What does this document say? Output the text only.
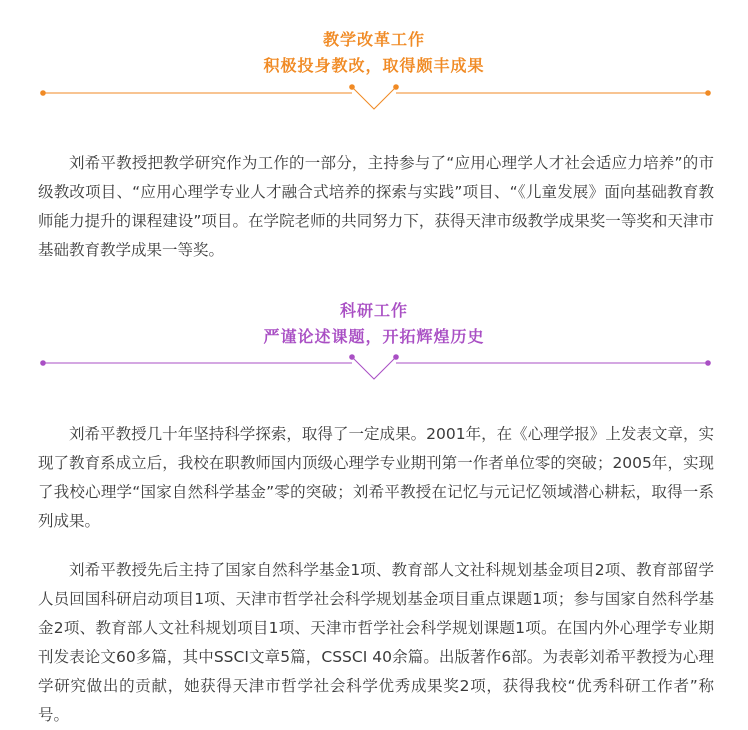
教学改革工作
积极投身教改，取得颇丰成果

刘希平教授把教学研究作为工作的一部分，主持参与了“应用心理学人才社会适应力培养”的市级教改项目、“应用心理学专业人才融合式培养的探索与实践”项目、“《儿童发展》面向基础教育教师能力提升的课程建设”项目。在学院老师的共同努力下，获得天津市级教学成果奖一等奖和天津市基础教育教学成果一等奖。

科研工作
严谨论述课题，开拓辉煌历史

刘希平教授几十年坚持科学探索，取得了一定成果。2001年，在《心理学报》上发表文章，实现了教育系成立后，我校在职教师国内顶级心理学专业期刊第一作者单位零的突破；2005年，实现了我校心理学“国家自然科学基金”零的突破；刘希平教授在记忆与元记忆领域潜心耕耘，取得一系列成果。

刘希平教授先后主持了国家自然科学基金1项、教育部人文社科规划基金项目2项、教育部留学人员回国科研启动项目1项、天津市哲学社会科学规划基金项目重点课题1项；参与国家自然科学基金2项、教育部人文社科规划项目1项、天津市哲学社会科学规划课题1项。在国内外心理学专业期刊发表论文60多篇，其中SSCI文章5篇，CSSCI 40余篇。出版著作6部。为表彰刘希平教授为心理学研究做出的贡献，她获得天津市哲学社会科学优秀成果奖2项，获得我校“优秀科研工作者”称号。
